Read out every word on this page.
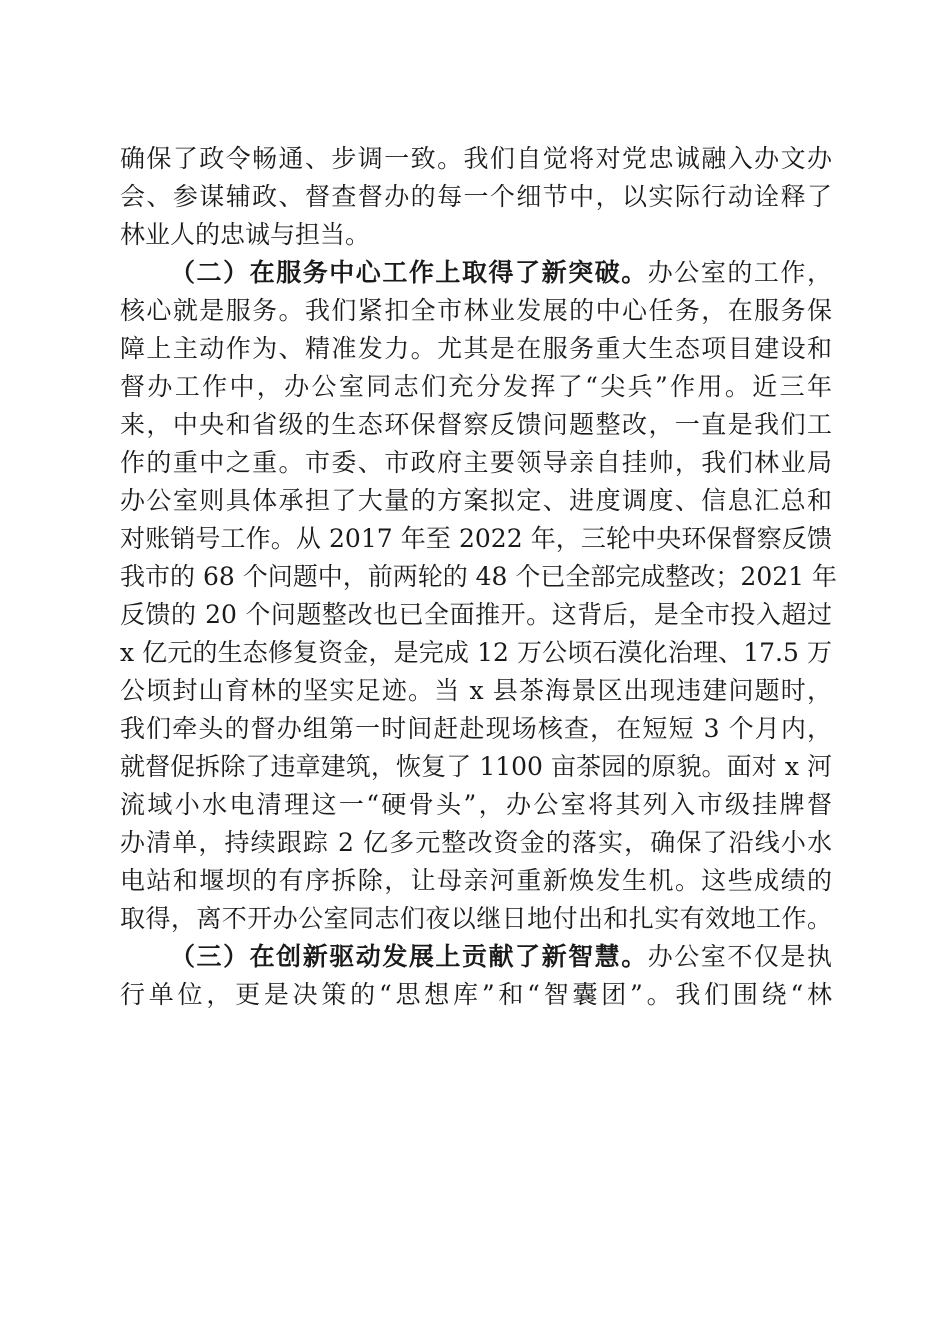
确保了政令畅通、步调一致。我们自觉将对党忠诚融入办文办
会、参谋辅政、督查督办的每一个细节中，以实际行动诠释了
林业人的忠诚与担当。
（二）在服务中心工作上取得了新突破。办公室的工作，
核心就是服务。我们紧扣全市林业发展的中心任务，在服务保
障上主动作为、精准发力。尤其是在服务重大生态项目建设和
督办工作中，办公室同志们充分发挥了“尖兵”作用。近三年
来，中央和省级的生态环保督察反馈问题整改，一直是我们工
作的重中之重。市委、市政府主要领导亲自挂帅，我们林业局
办公室则具体承担了大量的方案拟定、进度调度、信息汇总和
对账销号工作。从 2017 年至 2022 年，三轮中央环保督察反馈
我市的 68 个问题中，前两轮的 48 个已全部完成整改；2021 年
反馈的 20 个问题整改也已全面推开。这背后，是全市投入超过
x 亿元的生态修复资金，是完成 12 万公顷石漠化治理、17.5 万
公顷封山育林的坚实足迹。当 x 县茶海景区出现违建问题时，
我们牵头的督办组第一时间赶赴现场核查，在短短 3 个月内，
就督促拆除了违章建筑，恢复了 1100 亩茶园的原貌。面对 x 河
流域小水电清理这一“硬骨头”，办公室将其列入市级挂牌督
办清单，持续跟踪 2 亿多元整改资金的落实，确保了沿线小水
电站和堰坝的有序拆除，让母亲河重新焕发生机。这些成绩的
取得，离不开办公室同志们夜以继日地付出和扎实有效地工作。
（三）在创新驱动发展上贡献了新智慧。办公室不仅是执
行单位，更是决策的“思想库”和“智囊团”。我们围绕“林
